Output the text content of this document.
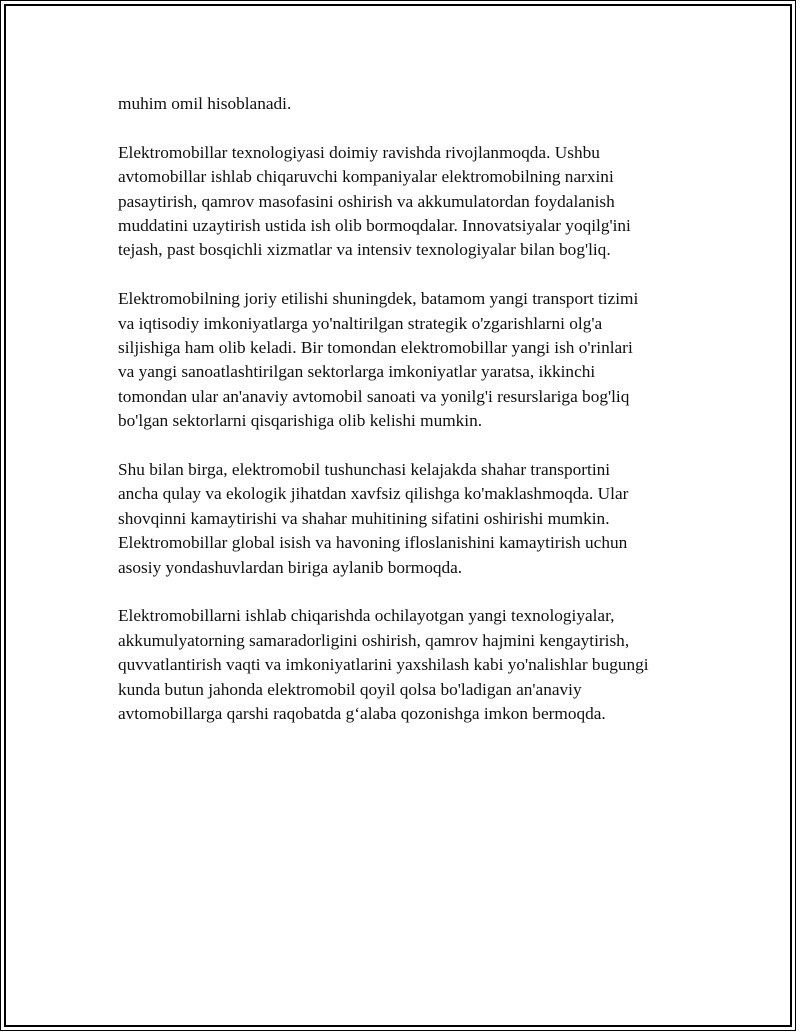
muhim omil hisoblanadi.

Elektromobillar texnologiyasi doimiy ravishda rivojlanmoqda. Ushbu
avtomobillar ishlab chiqaruvchi kompaniyalar elektromobilning narxini
pasaytirish, qamrov masofasini oshirish va akkumulatordan foydalanish
muddatini uzaytirish ustida ish olib bormoqdalar. Innovatsiyalar yoqilg'ini
tejash, past bosqichli xizmatlar va intensiv texnologiyalar bilan bog'liq.

Elektromobilning joriy etilishi shuningdek, batamom yangi transport tizimi
va iqtisodiy imkoniyatlarga yo'naltirilgan strategik o'zgarishlarni olg'a
siljishiga ham olib keladi. Bir tomondan elektromobillar yangi ish o'rinlari
va yangi sanoatlashtirilgan sektorlarga imkoniyatlar yaratsa, ikkinchi
tomondan ular an'anaviy avtomobil sanoati va yonilg'i resurslariga bog'liq
bo'lgan sektorlarni qisqarishiga olib kelishi mumkin.

Shu bilan birga, elektromobil tushunchasi kelajakda shahar transportini
ancha qulay va ekologik jihatdan xavfsiz qilishga ko'maklashmoqda. Ular
shovqinni kamaytirishi va shahar muhitining sifatini oshirishi mumkin.
Elektromobillar global isish va havoning ifloslanishini kamaytirish uchun
asosiy yondashuvlardan biriga aylanib bormoqda.

Elektromobillarni ishlab chiqarishda ochilayotgan yangi texnologiyalar,
akkumulyatorning samaradorligini oshirish, qamrov hajmini kengaytirish,
quvvatlantirish vaqti va imkoniyatlarini yaxshilash kabi yo'nalishlar bugungi
kunda butun jahonda elektromobil qoyil qolsa bo'ladigan an'anaviy
avtomobillarga qarshi raqobatda g‘alaba qozonishga imkon bermoqda.
